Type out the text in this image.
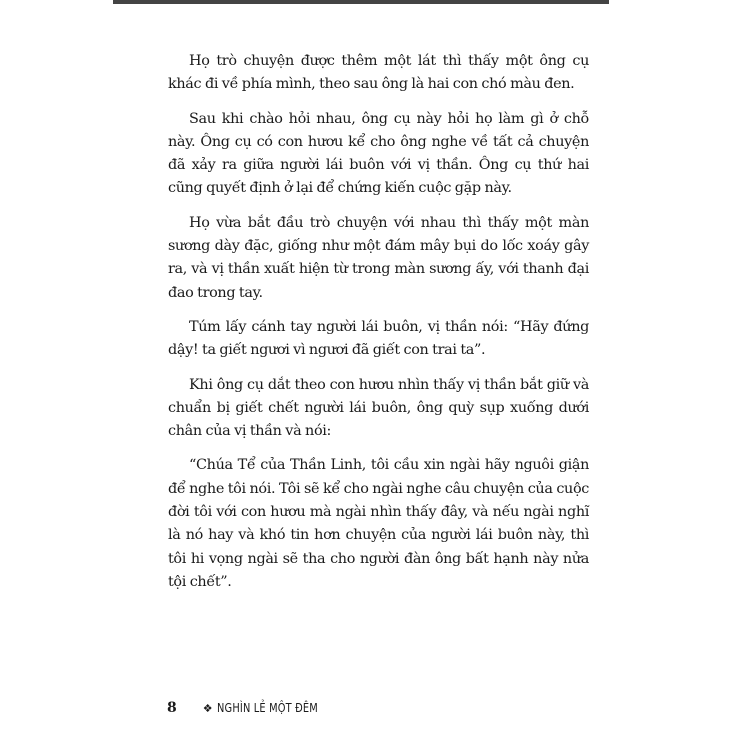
Họ trò chuyện được thêm một lát thì thấy một ông cụ khác đi về phía mình, theo sau ông là hai con chó màu đen.

Sau khi chào hỏi nhau, ông cụ này hỏi họ làm gì ở chỗ này. Ông cụ có con hươu kể cho ông nghe về tất cả chuyện đã xảy ra giữa người lái buôn với vị thần. Ông cụ thứ hai cũng quyết định ở lại để chứng kiến cuộc gặp này.

Họ vừa bắt đầu trò chuyện với nhau thì thấy một màn sương dày đặc, giống như một đám mây bụi do lốc xoáy gây ra, và vị thần xuất hiện từ trong màn sương ấy, với thanh đại đao trong tay.

Túm lấy cánh tay người lái buôn, vị thần nói: “Hãy đứng dậy! ta giết ngươi vì ngươi đã giết con trai ta”.

Khi ông cụ dắt theo con hươu nhìn thấy vị thần bắt giữ và chuẩn bị giết chết người lái buôn, ông quỳ sụp xuống dưới chân của vị thần và nói:

“Chúa Tể của Thần Linh, tôi cầu xin ngài hãy nguôi giận để nghe tôi nói. Tôi sẽ kể cho ngài nghe câu chuyện của cuộc đời tôi với con hươu mà ngài nhìn thấy đây, và nếu ngài nghĩ là nó hay và khó tin hơn chuyện của người lái buôn này, thì tôi hi vọng ngài sẽ tha cho người đàn ông bất hạnh này nửa tội chết”.

8 ❖ NGHÌN LẺ MỘT ĐÊM
